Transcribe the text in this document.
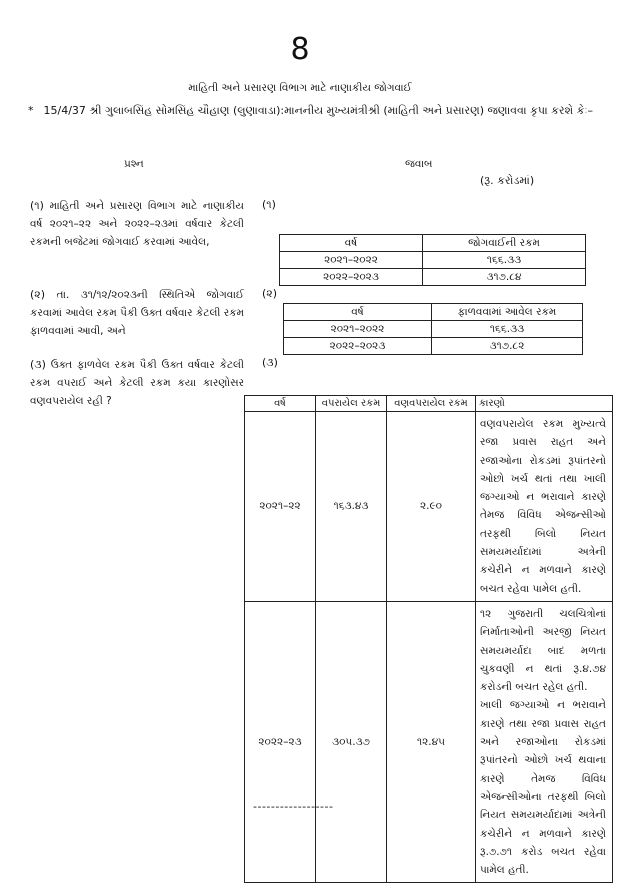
8
માહિતી અને પ્રસારણ વિભાગ માટે નાણાકીય જોગવાઈ
* 15/4/37 શ્રી ગુલાબસિંહ સોમસિંહ ચૌહાણ (લુણાવાડા):માનનીય મુખ્યમંત્રીશ્રી (માહિતી અને પ્રસારણ) જણાવવા કૃપા કરશે કેઃ–
પ્રશ્ન	જવાબ
(રૂ. કરોડમાં)
(૧) માહિતી અને પ્રસારણ વિભાગ માટે નાણાકીય વર્ષ ૨૦૨૧–૨૨ અને ૨૦૨૨–૨૩માં વર્ષવાર કેટલી રકમની બજેટમાં જોગવાઈ કરવામાં આવેલ,
(૨) તા. ૩૧/૧૨/૨૦૨૩ની સ્થિતિએ જોગવાઈ કરવામાં આવેલ રકમ પૈકી ઉક્ત વર્ષવાર કેટલી રકમ ફાળવવામાં આવી, અને
(૩) ઉક્ત ફાળવેલ રકમ પૈકી ઉક્ત વર્ષવાર કેટલી રકમ વપરાઈ અને કેટલી રકમ કયા કારણોસર વણવપરાયેલ રહી ?
(૧)
(૨)
(૩)
વર્ષ	જોગવાઈની રકમ
૨૦૨૧–૨૦૨૨	૧૬૬.૩૩
૨૦૨૨–૨૦૨૩	૩૧૭.૮૪
વર્ષ	ફાળવવામાં આવેલ રકમ
૨૦૨૧–૨૦૨૨	૧૬૬.૩૩
૨૦૨૨–૨૦૨૩	૩૧૭.૮૨
વર્ષ	વપરાયેલ રકમ	વણવપરાયેલ રકમ	કારણો
૨૦૨૧–૨૨	૧૬૩.૪૩	૨.૯૦	વણવપરાયેલ રકમ મુખ્યત્વે રજા પ્રવાસ રાહત અને રજાઓના રોકડમાં રૂપાંતરનો ઓછો ખર્ચ થતાં તથા ખાલી જગ્યાઓ ન ભરાવાને કારણે તેમજ વિવિધ એજન્સીઓ તરફથી બિલો નિયત સમયમર્યાદામાં અત્રેની કચેરીને ન મળવાને કારણે બચત રહેવા પામેલ હતી.

૨૦૨૨–૨૩	૩૦૫.૩૭	૧૨.૪૫	૧૨ ગુજરાતી ચલચિત્રોનાં નિર્માતાઓની અરજી નિયત સમયમર્યાદા બાદ મળતા ચુકવણી ન થતાં રૂ.૪.૭૪ કરોડની બચત રહેલ હતી.

ખાલી જગ્યાઓ ન ભરાવાને કારણે તથા રજા પ્રવાસ રાહત અને રજાઓના રોકડમાં રૂપાંતરનો ઓછો ખર્ચ થવાના કારણે તેમજ વિવિધ એજન્સીઓના તરફથી બિલો નિયત સમયમર્યાદામાં અત્રેની કચેરીને ન મળવાને કારણે રૂ.૭.૭૧ કરોડ બચત રહેવા પામેલ હતી.

------------------
